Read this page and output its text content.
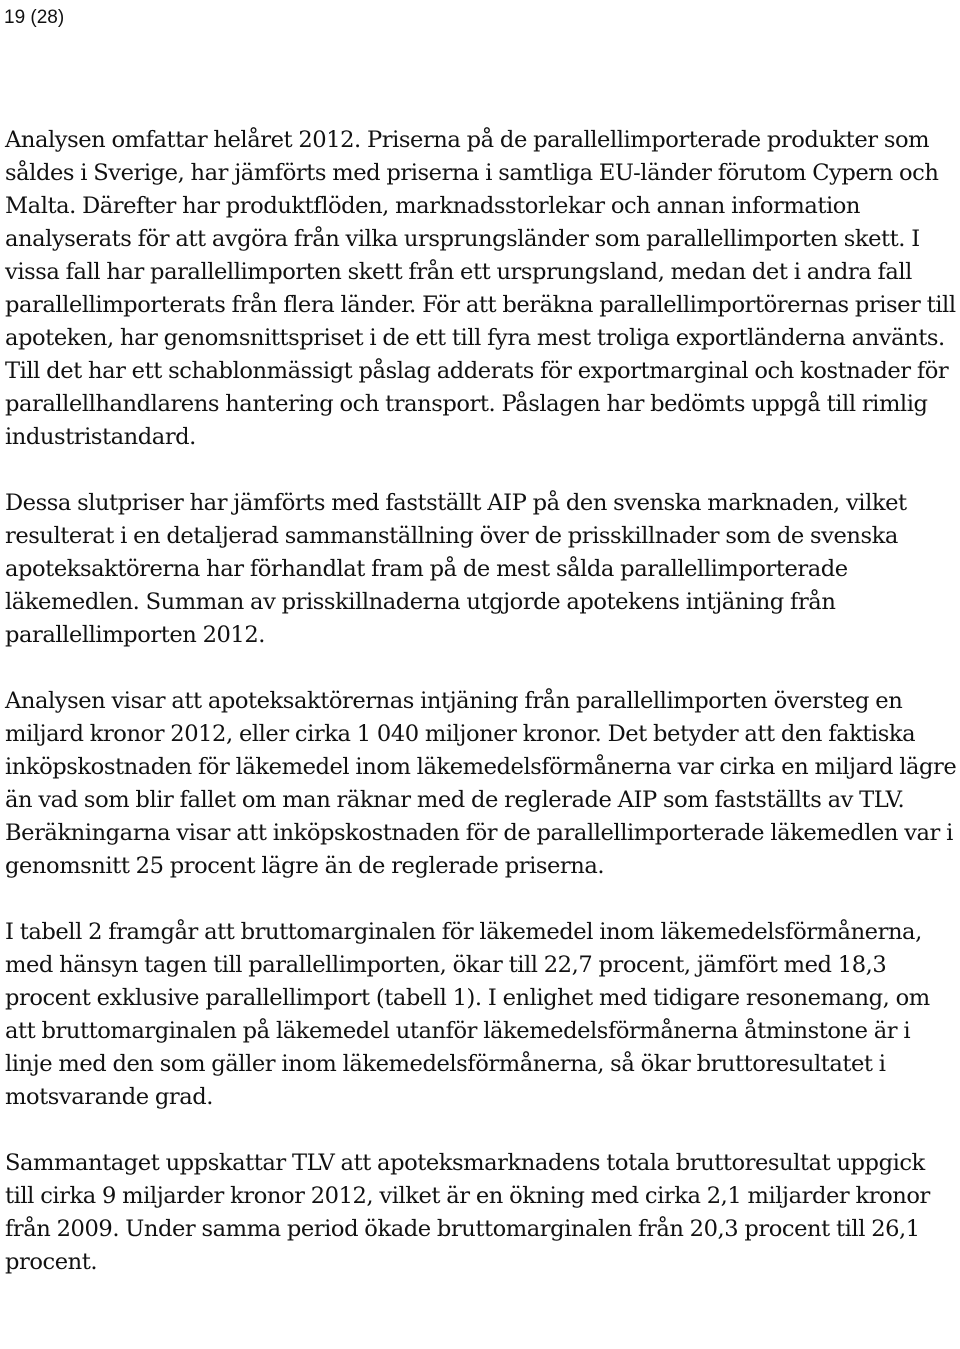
19 (28)

Analysen omfattar helåret 2012. Priserna på de parallellimporterade produkter som såldes i Sverige, har jämförts med priserna i samtliga EU-länder förutom Cypern och Malta. Därefter har produktflöden, marknadsstorlekar och annan information analyserats för att avgöra från vilka ursprungsländer som parallellimporten skett. I vissa fall har parallellimporten skett från ett ursprungsland, medan det i andra fall parallellimporterats från flera länder. För att beräkna parallellimportörernas priser till apoteken, har genomsnittspriset i de ett till fyra mest troliga exportländerna använts. Till det har ett schablonmässigt påslag adderats för exportmarginal och kostnader för parallellhandlarens hantering och transport. Påslagen har bedömts uppgå till rimlig industristandard.

Dessa slutpriser har jämförts med fastställt AIP på den svenska marknaden, vilket resulterat i en detaljerad sammanställning över de prisskillnader som de svenska apoteksaktörerna har förhandlat fram på de mest sålda parallellimporterade läkemedlen. Summan av prisskillnaderna utgjorde apotekens intjäning från parallellimporten 2012.

Analysen visar att apoteksaktörernas intjäning från parallellimporten översteg en miljard kronor 2012, eller cirka 1 040 miljoner kronor. Det betyder att den faktiska inköpskostnaden för läkemedel inom läkemedelsförmånerna var cirka en miljard lägre än vad som blir fallet om man räknar med de reglerade AIP som fastställts av TLV. Beräkningarna visar att inköpskostnaden för de parallellimporterade läkemedlen var i genomsnitt 25 procent lägre än de reglerade priserna.

I tabell 2 framgår att bruttomarginalen för läkemedel inom läkemedelsförmånerna, med hänsyn tagen till parallellimporten, ökar till 22,7 procent, jämfört med 18,3 procent exklusive parallellimport (tabell 1). I enlighet med tidigare resonemang, om att bruttomarginalen på läkemedel utanför läkemedelsförmånerna åtminstone är i linje med den som gäller inom läkemedelsförmånerna, så ökar bruttoresultatet i motsvarande grad.

Sammantaget uppskattar TLV att apoteksmarknadens totala bruttoresultat uppgick till cirka 9 miljarder kronor 2012, vilket är en ökning med cirka 2,1 miljarder kronor från 2009. Under samma period ökade bruttomarginalen från 20,3 procent till 26,1 procent.
